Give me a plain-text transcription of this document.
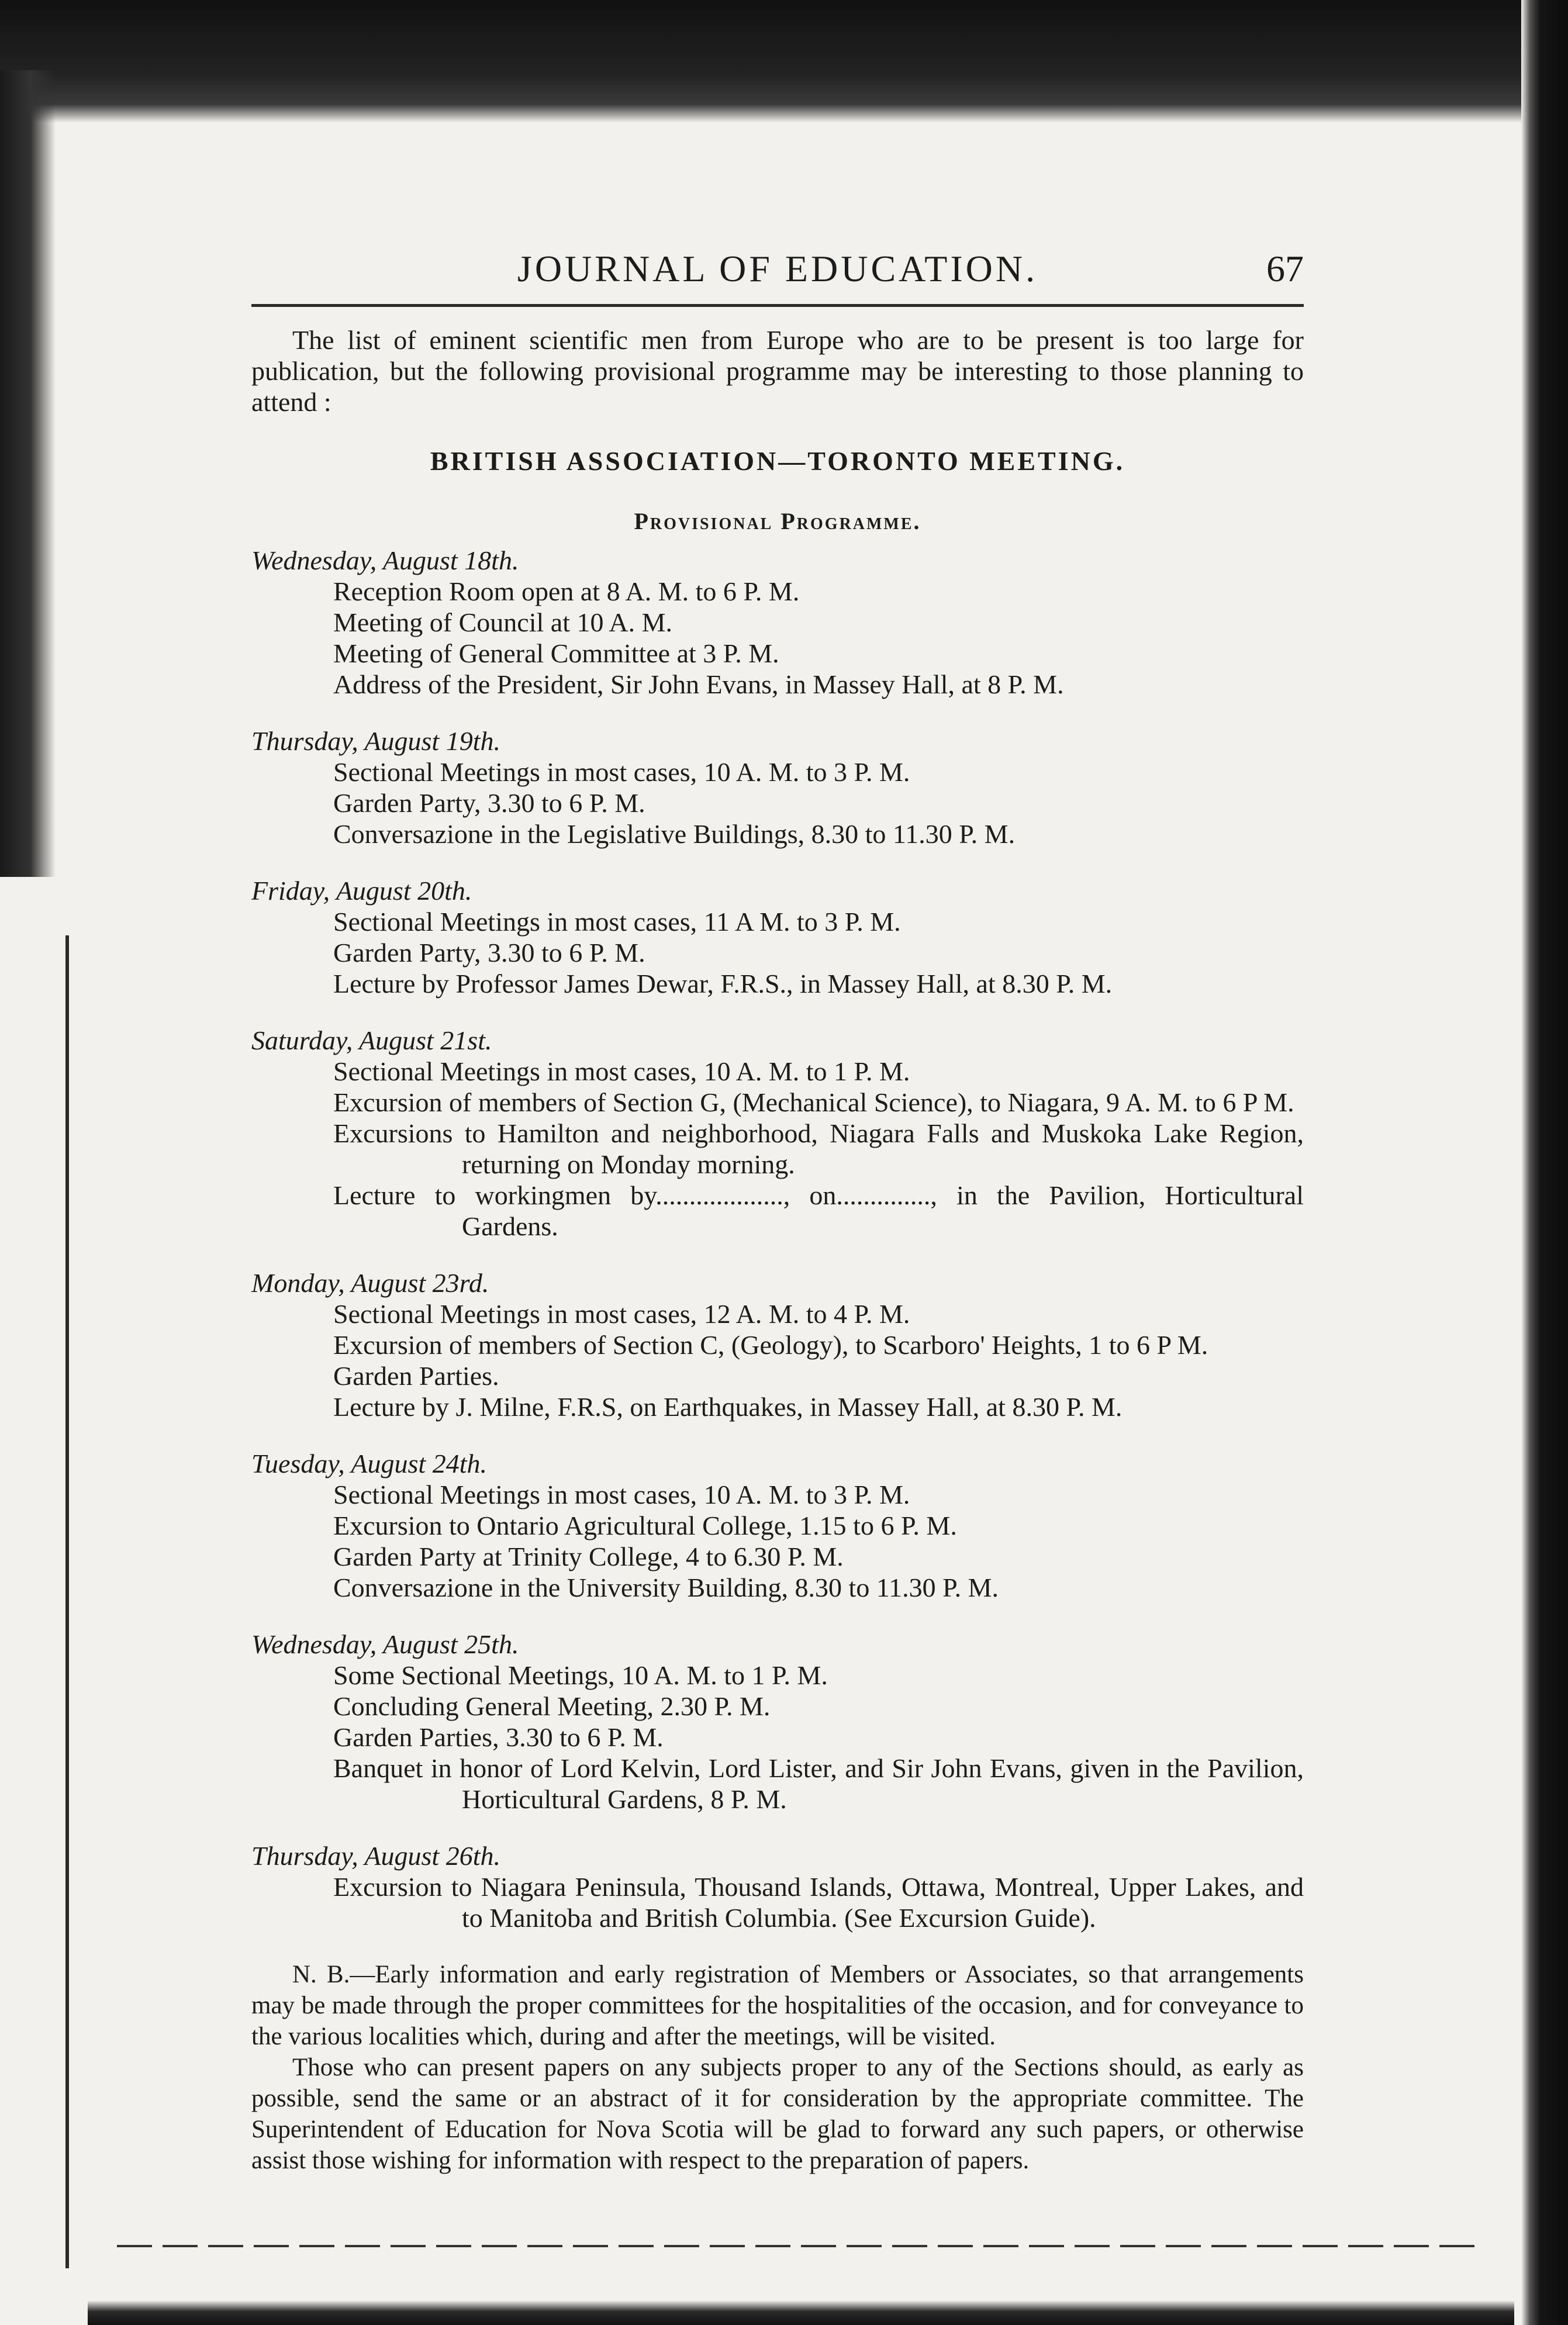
JOURNAL OF EDUCATION.	67

The list of eminent scientific men from Europe who are to be present is too large for publication, but the following provisional programme may be interesting to those planning to attend :

BRITISH ASSOCIATION—TORONTO MEETING.
Provisional Programme.

Wednesday, August 18th.

Reception Room open at 8 A. M. to 6 P. M.
Meeting of Council at 10 A. M.
Meeting of General Committee at 3 P. M.
Address of the President, Sir John Evans, in Massey Hall, at 8 P. M.

Thursday, August 19th.

Sectional Meetings in most cases, 10 A. M. to 3 P. M.
Garden Party, 3.30 to 6 P. M.
Conversazione in the Legislative Buildings, 8.30 to 11.30 P. M.

Friday, August 20th.

Sectional Meetings in most cases, 11 A M. to 3 P. M.
Garden Party, 3.30 to 6 P. M.
Lecture by Professor James Dewar, F.R.S., in Massey Hall, at 8.30 P. M.

Saturday, August 21st.

Sectional Meetings in most cases, 10 A. M. to 1 P. M.
Excursion of members of Section G, (Mechanical Science), to Niagara, 9 A. M. to 6 P M.
Excursions to Hamilton and neighborhood, Niagara Falls and Muskoka Lake Region, returning on Monday morning.
Lecture to workingmen by..................., on.............., in the Pavilion, Horticultural Gardens.

Monday, August 23rd.

Sectional Meetings in most cases, 12 A. M. to 4 P. M.
Excursion of members of Section C, (Geology), to Scarboro' Heights, 1 to 6 P M.
Garden Parties.
Lecture by J. Milne, F.R.S, on Earthquakes, in Massey Hall, at 8.30 P. M.

Tuesday, August 24th.

Sectional Meetings in most cases, 10 A. M. to 3 P. M.
Excursion to Ontario Agricultural College, 1.15 to 6 P. M.
Garden Party at Trinity College, 4 to 6.30 P. M.
Conversazione in the University Building, 8.30 to 11.30 P. M.

Wednesday, August 25th.

Some Sectional Meetings, 10 A. M. to 1 P. M.
Concluding General Meeting, 2.30 P. M.
Garden Parties, 3.30 to 6 P. M.
Banquet in honor of Lord Kelvin, Lord Lister, and Sir John Evans, given in the Pavilion, Horticultural Gardens, 8 P. M.

Thursday, August 26th.

Excursion to Niagara Peninsula, Thousand Islands, Ottawa, Montreal, Upper Lakes, and to Manitoba and British Columbia. (See Excursion Guide).

N. B.—Early information and early registration of Members or Associates, so that arrangements may be made through the proper committees for the hospitalities of the occasion, and for conveyance to the various localities which, during and after the meetings, will be visited.

Those who can present papers on any subjects proper to any of the Sections should, as early as possible, send the same or an abstract of it for consideration by the appropriate committee. The Superintendent of Education for Nova Scotia will be glad to forward any such papers, or otherwise assist those wishing for information with respect to the preparation of papers.
